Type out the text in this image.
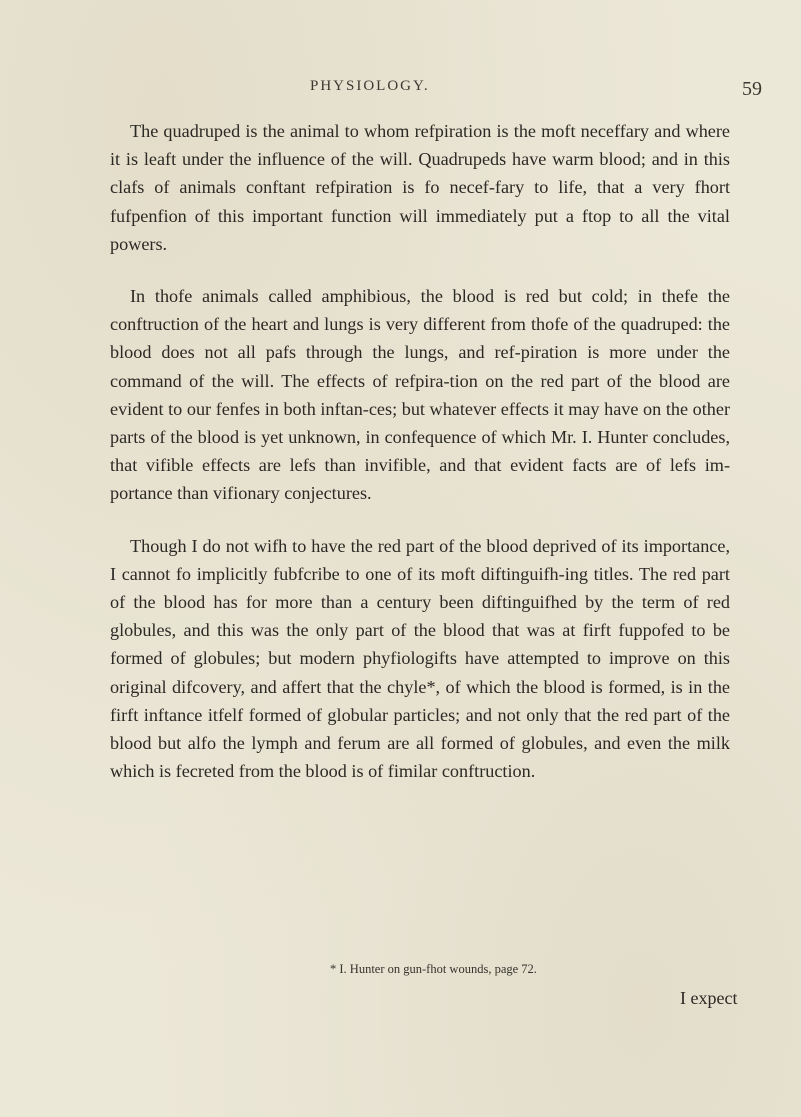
PHYSIOLOGY.	59

The quadruped is the animal to whom refpiration is the moft neceffary and where it is leaft under the influence of the will. Quadrupeds have warm blood; and in this clafs of animals conftant refpiration is fo necef-fary to life, that a very fhort fufpenfion of this important function will immediately put a ftop to all the vital powers.

In thofe animals called amphibious, the blood is red but cold; in thefe the conftruction of the heart and lungs is very different from thofe of the quadruped: the blood does not all pafs through the lungs, and ref-piration is more under the command of the will. The effects of refpira-tion on the red part of the blood are evident to our fenfes in both inftan-ces; but whatever effects it may have on the other parts of the blood is yet unknown, in confequence of which Mr. I. Hunter concludes, that vifible effects are lefs than invifible, and that evident facts are of lefs im-portance than vifionary conjectures.

Though I do not wifh to have the red part of the blood deprived of its importance, I cannot fo implicitly fubfcribe to one of its moft diftinguifh-ing titles. The red part of the blood has for more than a century been diftinguifhed by the term of red globules, and this was the only part of the blood that was at firft fuppofed to be formed of globules; but modern phyfiologifts have attempted to improve on this original difcovery, and affert that the chyle*, of which the blood is formed, is in the firft inftance itfelf formed of globular particles; and not only that the red part of the blood but alfo the lymph and ferum are all formed of globules, and even the milk which is fecreted from the blood is of fimilar conftruction.

* I. Hunter on gun-fhot wounds, page 72.
I expect
